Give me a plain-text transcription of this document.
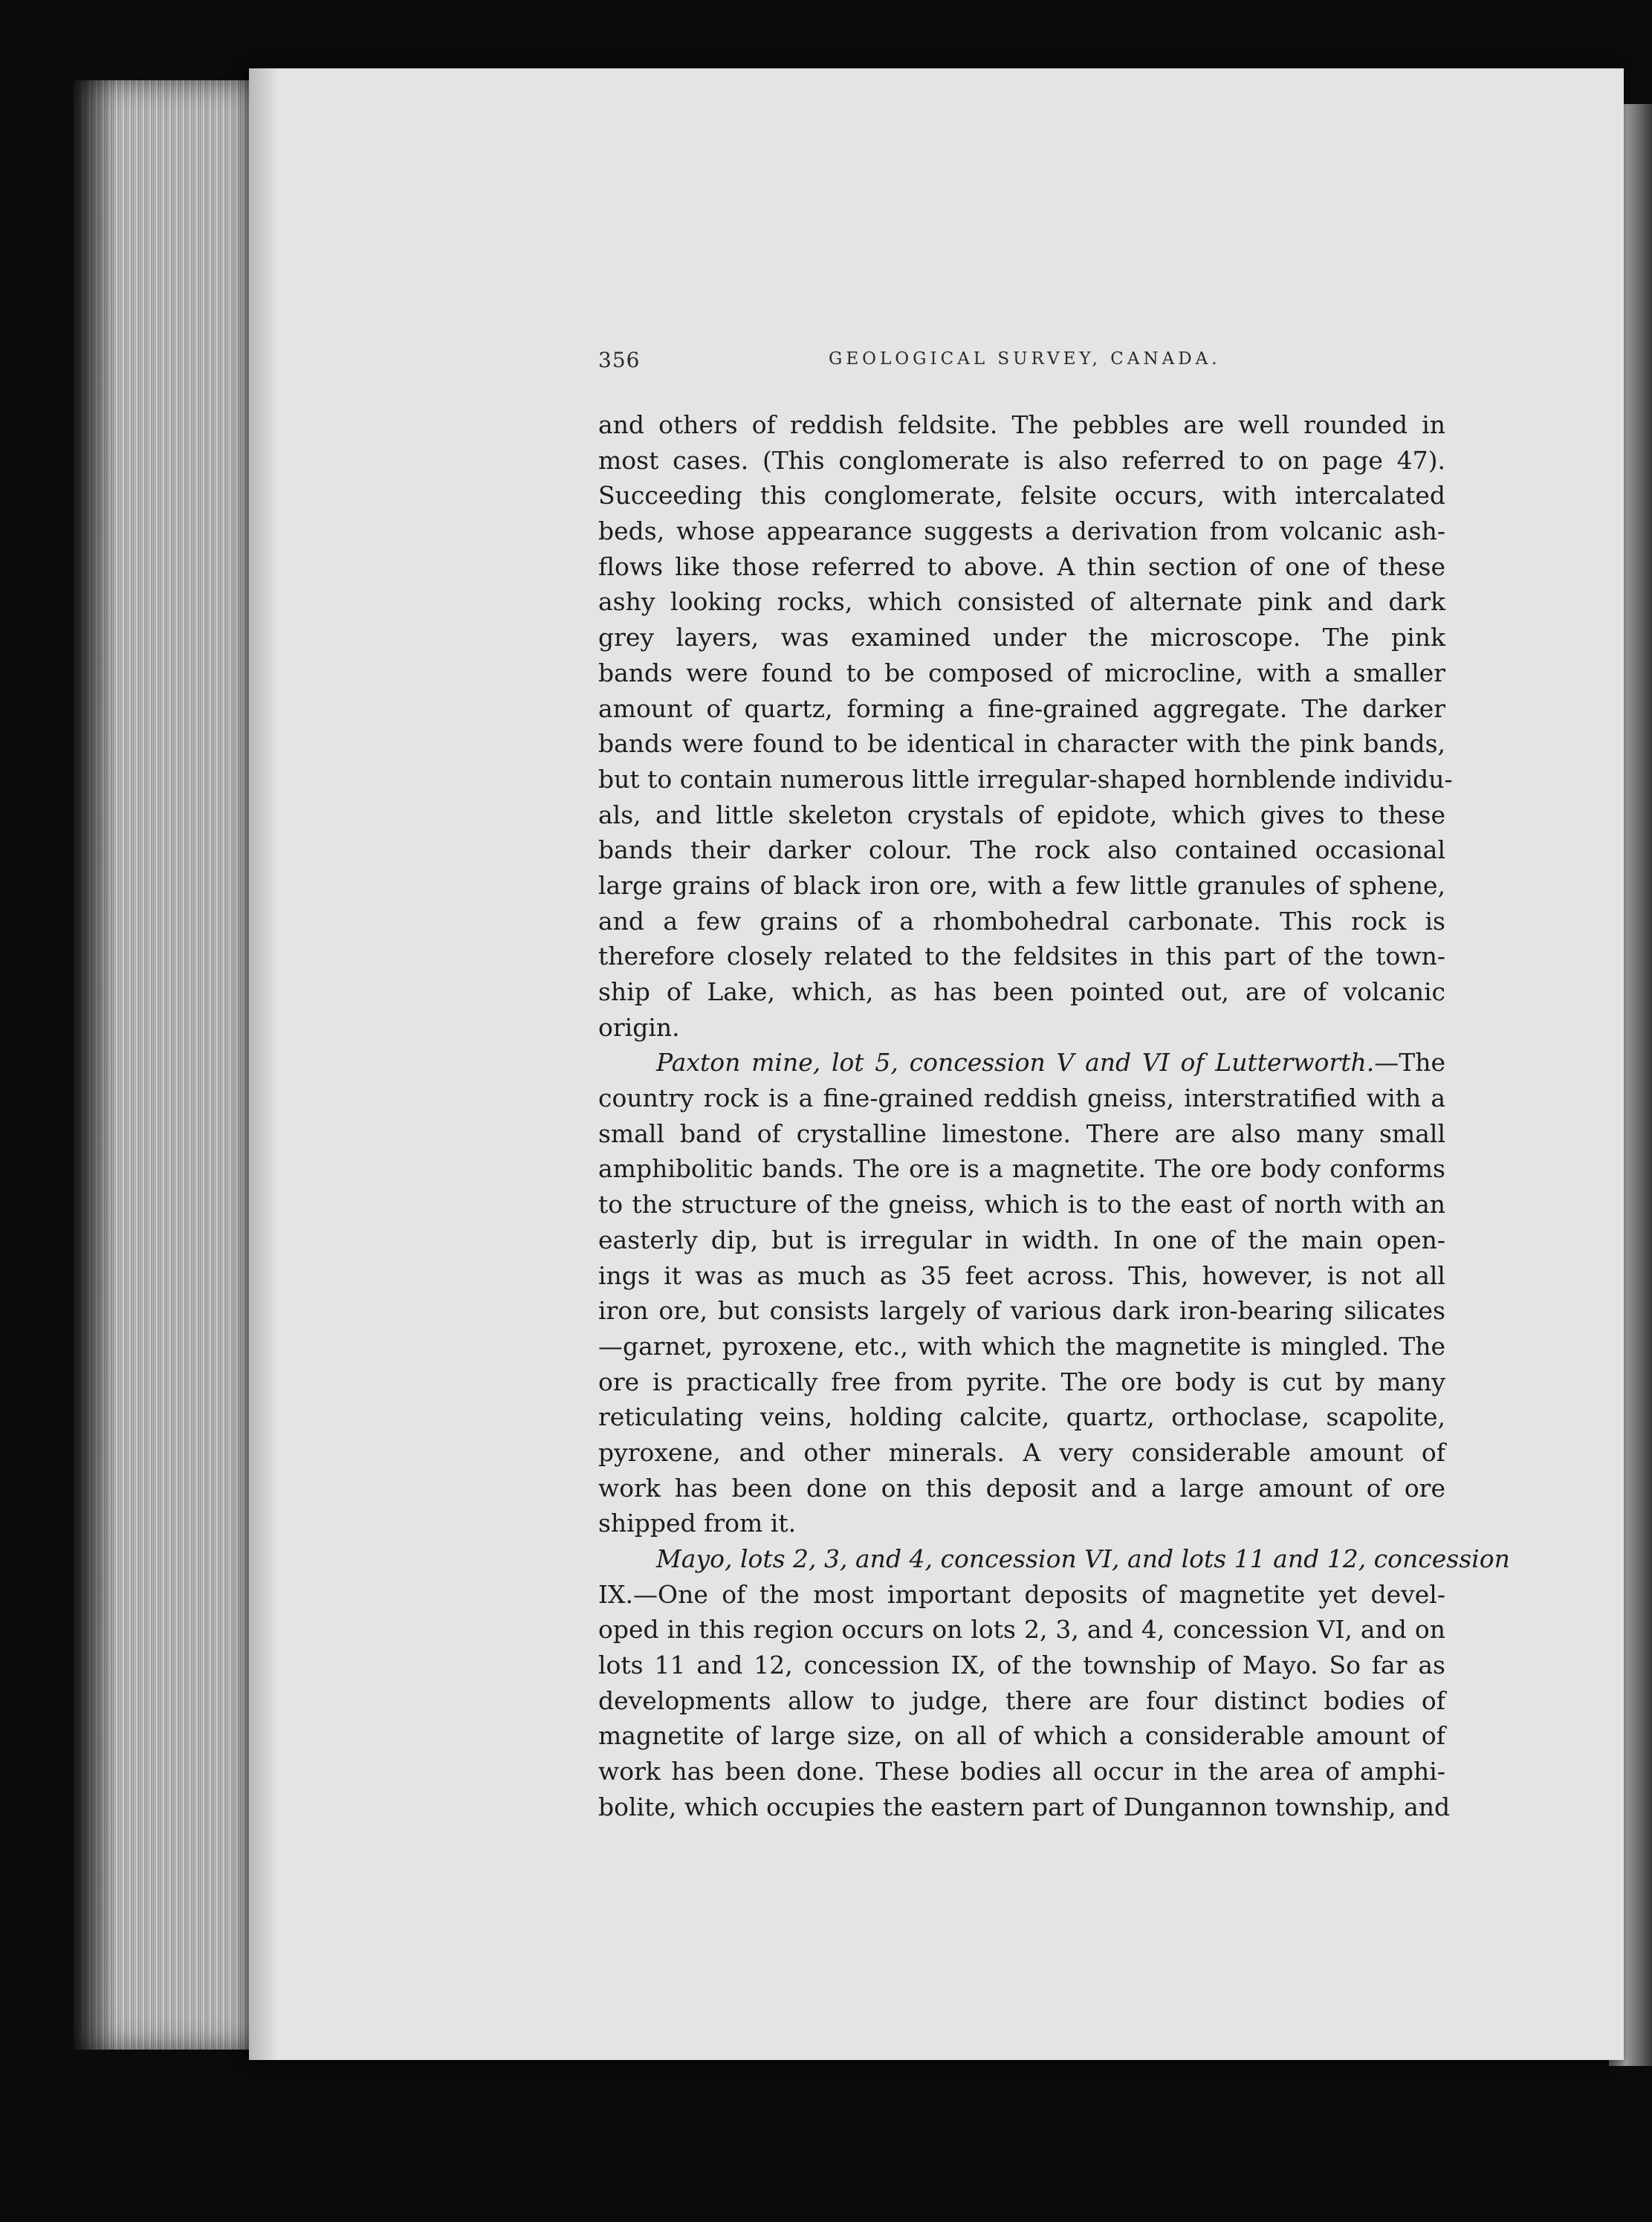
356	GEOLOGICAL SURVEY, CANADA.
and others of reddish feldsite. The pebbles are well rounded in
most cases. (This conglomerate is also referred to on page 47).
Succeeding this conglomerate, felsite occurs, with intercalated
beds, whose appearance suggests a derivation from volcanic ash-
flows like those referred to above. A thin section of one of these
ashy looking rocks, which consisted of alternate pink and dark
grey layers, was examined under the microscope. The pink
bands were found to be composed of microcline, with a smaller
amount of quartz, forming a fine-grained aggregate. The darker
bands were found to be identical in character with the pink bands,
but to contain numerous little irregular-shaped hornblende individu-
als, and little skeleton crystals of epidote, which gives to these
bands their darker colour. The rock also contained occasional
large grains of black iron ore, with a few little granules of sphene,
and a few grains of a rhombohedral carbonate. This rock is
therefore closely related to the feldsites in this part of the town-
ship of Lake, which, as has been pointed out, are of volcanic
origin.
Paxton mine, lot 5, concession V and VI of Lutterworth.—The
country rock is a fine-grained reddish gneiss, interstratified with a
small band of crystalline limestone. There are also many small
amphibolitic bands. The ore is a magnetite. The ore body conforms
to the structure of the gneiss, which is to the east of north with an
easterly dip, but is irregular in width. In one of the main open-
ings it was as much as 35 feet across. This, however, is not all
iron ore, but consists largely of various dark iron-bearing silicates
—garnet, pyroxene, etc., with which the magnetite is mingled. The
ore is practically free from pyrite. The ore body is cut by many
reticulating veins, holding calcite, quartz, orthoclase, scapolite,
pyroxene, and other minerals. A very considerable amount of
work has been done on this deposit and a large amount of ore
shipped from it.
Mayo, lots 2, 3, and 4, concession VI, and lots 11 and 12, concession
IX.—One of the most important deposits of magnetite yet devel-
oped in this region occurs on lots 2, 3, and 4, concession VI, and on
lots 11 and 12, concession IX, of the township of Mayo. So far as
developments allow to judge, there are four distinct bodies of
magnetite of large size, on all of which a considerable amount of
work has been done. These bodies all occur in the area of amphi-
bolite, which occupies the eastern part of Dungannon township, and
